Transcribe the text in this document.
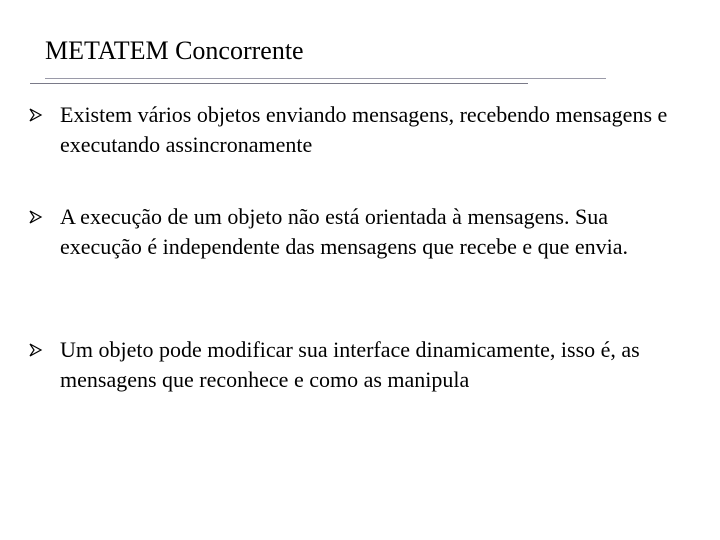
METATEM Concorrente

Existem vários objetos enviando mensagens, recebendo mensagens e executando assincronamente

A execução de um objeto não está orientada à mensagens. Sua execução é independente das mensagens que recebe e que envia.

Um objeto pode modificar sua interface dinamicamente, isso é, as mensagens que reconhece e como as manipula
